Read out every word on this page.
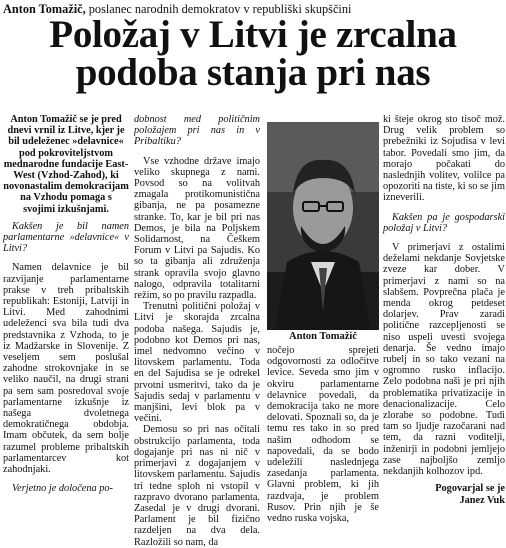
Anton Tomažič, poslanec narodnih demokratov v republiški skupščini
Položaj v Litvi je zrcalna
podoba stanja pri nas

Anton Tomažič se je pred dnevi vrnil iz Litve, kjer je bil udeleženec »delavnice« pod pokroviteljstvom mednarodne fundacije East-West (Vzhod-Zahod), ki novonastalim demokracijam na Vzhodu pomaga s svojimi izkušnjami.

Kakšen je bil namen parlamentarne »delavnice« v Litvi?

Namen delavnice je bil razvijanje parlamentarne prakse v treh pribaltskih republikah: Estoniji, Latviji in Litvi. Med zahodnimi udeleženci sva bila tudi dva predstavnika z Vzhoda, to je iz Madžarske in Slovenije. Z veseljem sem poslušal zahodne strokovnjake in se veliko naučil, na drugi strani pa sem sam posredoval svoje parlamentarne izkušnje iz našega dvoletnega demokratičnega obdobja. Imam občutek, da sem bolje razumel probleme pribaltskih parlamentarcev kot zahodnjaki.

Verjetno je določena po-

dobnost med političnim položajem pri nas in v Pribaltiku?

Vse vzhodne države imajo veliko skupnega z nami. Povsod so na volitvah zmagala protikomunistična gibanja, ne pa posamezne stranke. To, kar je bil pri nas Demos, je bila na Poljskem Solidarnost, na Češkem Forum v Litvi pa Sajudis. Ko so ta gibanja ali združenja strank opravila svojo glavno nalogo, odpravila totalitarni režim, so po pravilu razpadla.

Trenutni politični položaj v Litvi je skorajda zrcalna podoba našega. Sajudis je, podobno kot Demos pri nas, imel nedvomno večino v litovskem parlamentu. Toda en del Sajudisa se je odrekel prvotni usmeritvi, tako da je Sajudis sedaj v parlamentu v manjšini, levi blok pa v večini.

Demosu so pri nas očitali obstrukcijo parlamenta, toda dogajanje pri nas ni nič v primerjavi z dogajanjem v litovskem parlamentu. Sajudis tri tedne sploh ni vstopil v razpravo dvorano parlamenta. Zasedal je v drugi dvorani. Parlament je bil fizično razdeljen na dva dela. Razložili so nam, da

Anton Tomažič

nočejo sprejeti odgovornosti za odločitve levice. Seveda smo jim v okviru parlamentarne delavnice povedali, da demokracija tako ne more delovati. Spoznali so, da je temu res tako in so pred našim odhodom se napovedali, da se bodo udeležili naslednjega zasedanja parlamenta. Glavni problem, ki jih razdvaja, je problem Rusov. Prin njih je še vedno ruska vojska,

ki šteje okrog sto tisoč mož. Drug velik problem so prebežniki iz Sojudisa v levi tabor. Povedali smo jim, da morajo počakati do naslednjih volitev, volilce pa opozoriti na tiste, ki so se jim izneverili.

Kakšen pa je gospodarski položaj v Litvi?

V primerjavi z ostalimi deželami nekdanje Sovjetske zveze kar dober. V primerjavi z nami so na slabšem. Povprečna plača je menda okrog petdeset dolarjev. Prav zaradi politične razcepljenosti se niso uspeli uvesti svojega denarja. Še vedno imajo rubelj in so tako vezani na ogromno rusko inflacijo. Zelo podobna naši je pri njih problematika privatizacije in denacionalizacije. Celo zlorabe so podobne. Tudi tam so ljudje razočarani nad tem, da razni voditelji, inženirji in podobni jemljejo zase najboljšo zemljo nekdanjih kolhozov ipd.

Pogovarjal se je
Janez Vuk
